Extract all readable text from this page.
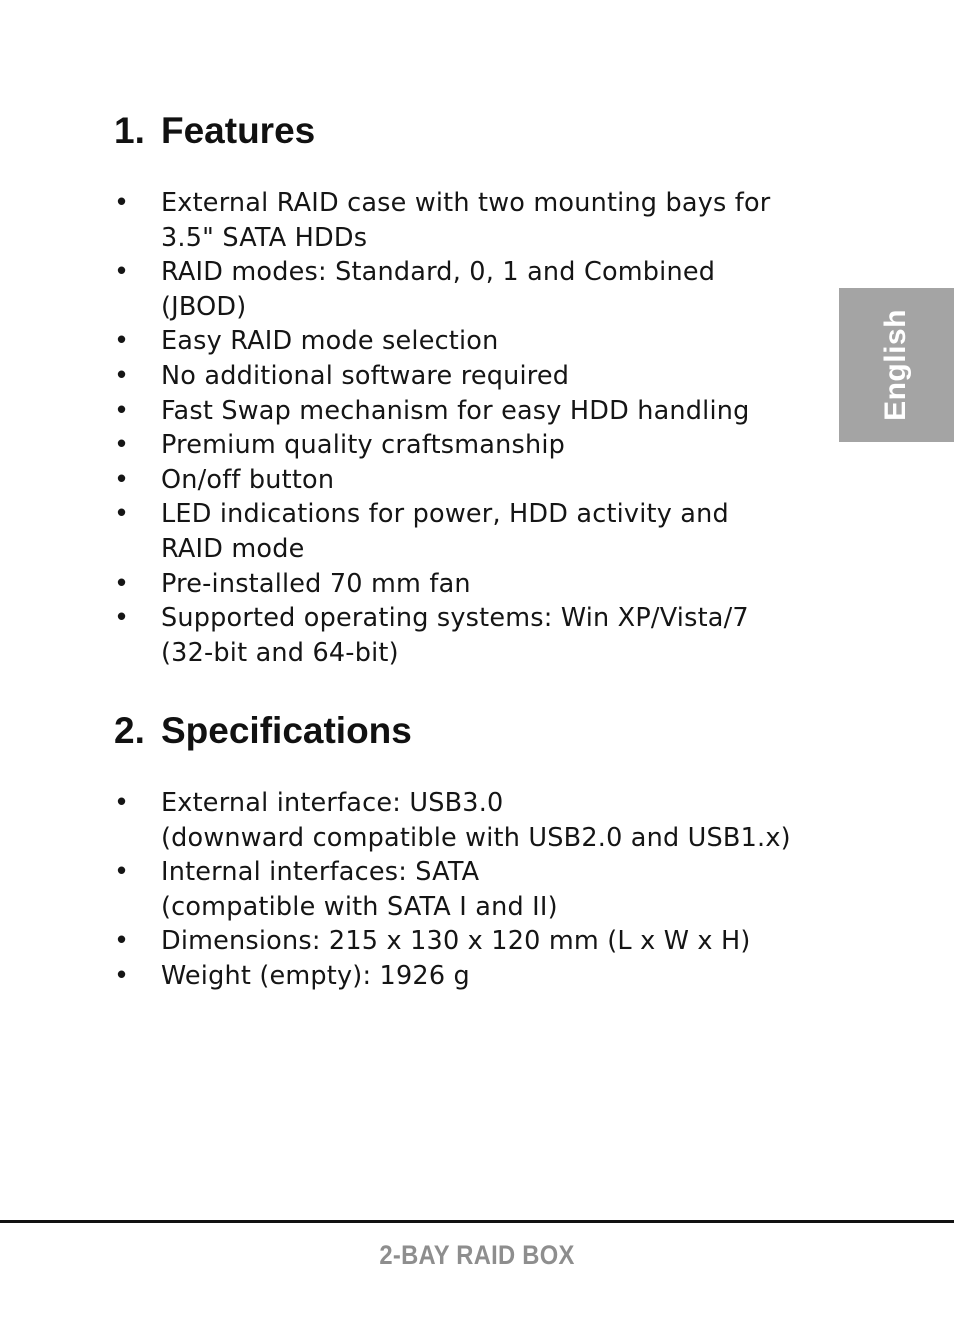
1. Features
• External RAID case with two mounting bays for
3.5" SATA HDDs
• RAID modes: Standard, 0, 1 and Combined
(JBOD)
• Easy RAID mode selection
• No additional software required
• Fast Swap mechanism for easy HDD handling
• Premium quality craftsmanship
• On/off button
• LED indications for power, HDD activity and
RAID mode
• Pre-installed 70 mm fan
• Supported operating systems: Win XP/Vista/7
(32-bit and 64-bit)
2. Specifications
• External interface: USB3.0
(downward compatible with USB2.0 and USB1.x)
• Internal interfaces: SATA
(compatible with SATA I and II)
• Dimensions: 215 x 130 x 120 mm (L x W x H)
• Weight (empty): 1926 g
English
2-BAY RAID BOX
